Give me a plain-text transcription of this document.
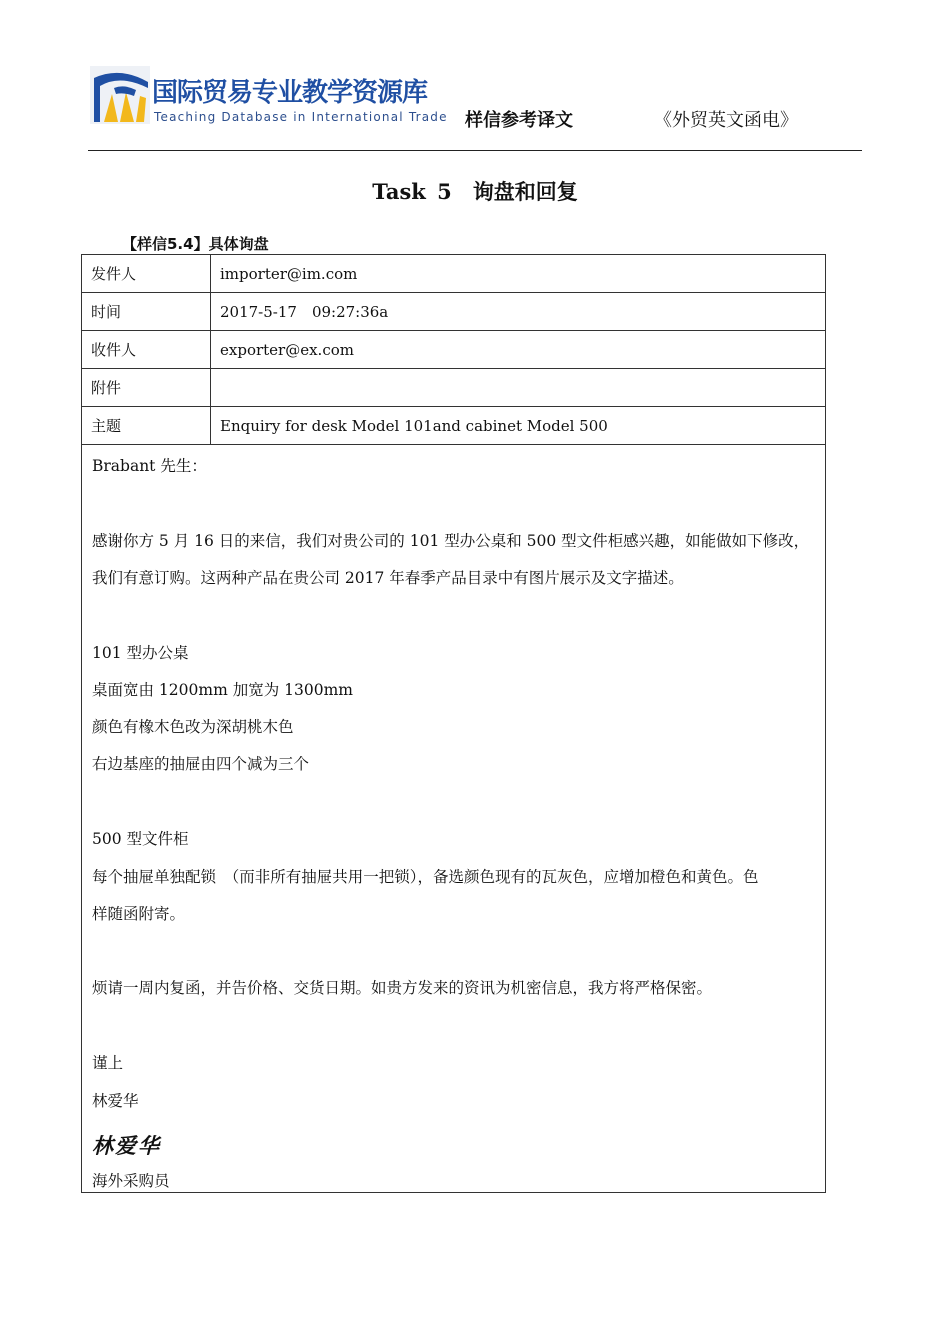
国际贸易专业教学资源库
Teaching Database in International Trade 样信参考译文	《外贸英文函电》
Task 5　询盘和回复
【样信5.4】具体询盘
发件人	importer@im.com
时间	2017-5-17　09:27:36a
收件人	exporter@ex.com
附件	
主题	Enquiry for desk Model 101and cabinet Model 500
Brabant 先生：
感谢你方 5 月 16 日的来信，我们对贵公司的 101 型办公桌和 500 型文件柜感兴趣，如能做如下修改，
我们有意订购。这两种产品在贵公司 2017 年春季产品目录中有图片展示及文字描述。
101 型办公桌
桌面宽由 1200mm 加宽为 1300mm
颜色有橡木色改为深胡桃木色
右边基座的抽屉由四个减为三个
500 型文件柜
每个抽屉单独配锁　（而非所有抽屉共用一把锁），备选颜色现有的瓦灰色，应增加橙色和黄色。色
样随函附寄。
烦请一周内复函，并告价格、交货日期。如贵方发来的资讯为机密信息，我方将严格保密。
谨上
林爱华
林爱华
海外采购员
